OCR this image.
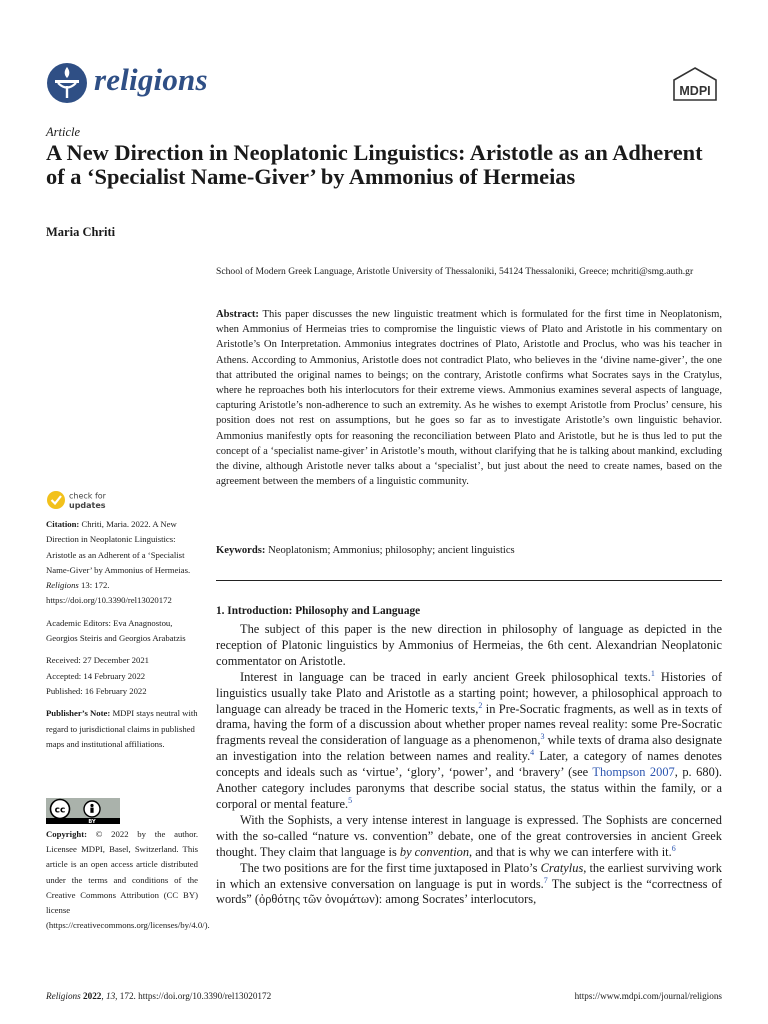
religions	MDPI
Article
A New Direction in Neoplatonic Linguistics: Aristotle as an Adherent of a ‘Specialist Name-Giver’ by Ammonius of Hermeias
Maria Chriti
School of Modern Greek Language, Aristotle University of Thessaloniki, 54124 Thessaloniki, Greece; mchriti@smg.auth.gr
Abstract: This paper discusses the new linguistic treatment which is formulated for the first time in Neoplatonism, when Ammonius of Hermeias tries to compromise the linguistic views of Plato and Aristotle in his commentary on Aristotle’s On Interpretation. Ammonius integrates doctrines of Plato, Aristotle and Proclus, who was his teacher in Athens. According to Ammonius, Aristotle does not contradict Plato, who believes in the ‘divine name-giver’, the one that attributed the original names to beings; on the contrary, Aristotle confirms what Socrates says in the Cratylus, where he reproaches both his interlocutors for their extreme views. Ammonius examines several aspects of language, capturing Aristotle’s non-adherence to such an extremity. As he wishes to exempt Aristotle from Proclus’ censure, his position does not rest on assumptions, but he goes so far as to investigate Aristotle’s own linguistic behavior. Ammonius manifestly opts for reasoning the reconciliation between Plato and Aristotle, but he is thus led to put the concept of a ‘specialist name-giver’ in Aristotle’s mouth, without clarifying that he is talking about mankind, excluding the divine, although Aristotle never talks about a ‘specialist’, but just about the need to create names, based on the agreement between the members of a linguistic community.
Keywords: Neoplatonism; Ammonius; philosophy; ancient linguistics
1. Introduction: Philosophy and Language

The subject of this paper is the new direction in philosophy of language as depicted in the reception of Platonic linguistics by Ammonius of Hermeias, the 6th cent. Alexandrian Neoplatonic commentator on Aristotle.

Interest in language can be traced in early ancient Greek philosophical texts.$^1$ Histories of linguistics usually take Plato and Aristotle as a starting point; however, a philosophical approach to language can already be traced in the Homeric texts,$^2$ in Pre-Socratic fragments, as well as in texts of drama, having the form of a discussion about whether proper names reveal reality: some Pre-Socratic fragments reveal the consideration of language as a phenomenon,$^3$ while texts of drama also designate an investigation into the relation between names and reality.$^4$ Later, a category of names denotes concepts and ideals such as ‘virtue’, ‘glory’, ‘power’, and ‘bravery’ (see Thompson 2007, p. 680). Another category includes paronyms that describe social status, the status within the family, or a corporal or mental feature.$^5$

With the Sophists, a very intense interest in language is expressed. The Sophists are concerned with the so-called “nature vs. convention” debate, one of the great controversies in ancient Greek thought. They claim that language is by convention, and that is why we can interfere with it.$^6$

The two positions are for the first time juxtaposed in Plato’s Cratylus, the earliest surviving work in which an extensive conversation on language is put in words.$^7$ The subject is the “correctness of words” (ὀρθότης τῶν ὀνομάτων): among Socrates’ interlocutors,

check for
updates
Citation: Chriti, Maria. 2022. A New Direction in Neoplatonic Linguistics: Aristotle as an Adherent of a ‘Specialist Name-Giver’ by Ammonius of Hermeias. Religions 13: 172. https://doi.org/10.3390/rel13020172
Academic Editors: Eva Anagnostou, Georgios Steiris and Georgios Arabatzis
Received: 27 December 2021
Accepted: 14 February 2022
Published: 16 February 2022
Publisher’s Note: MDPI stays neutral with regard to jurisdictional claims in published maps and institutional affiliations.
cc
BY
Copyright: © 2022 by the author. Licensee MDPI, Basel, Switzerland. This article is an open access article distributed under the terms and conditions of the Creative Commons Attribution (CC BY) license (https://creativecommons.org/licenses/by/4.0/).
Religions 2022, 13, 172. https://doi.org/10.3390/rel13020172	https://www.mdpi.com/journal/religions
